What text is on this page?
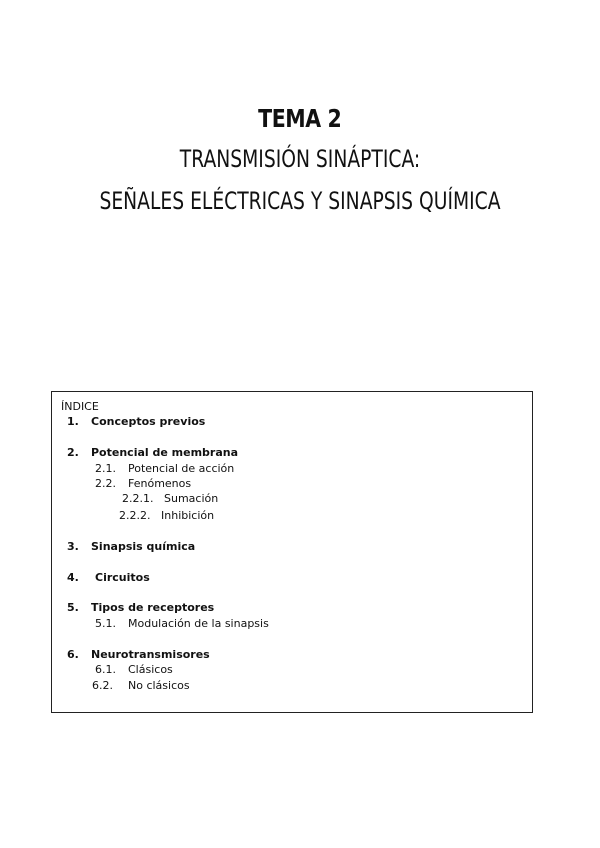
TEMA 2
TRANSMISIÓN SINÁPTICA:
SEÑALES ELÉCTRICAS Y SINAPSIS QUÍMICA
ÍNDICE
1. Conceptos previos
2. Potencial de membrana
2.1. Potencial de acción
2.2. Fenómenos
2.2.1. Sumación
2.2.2. Inhibición
3. Sinapsis química
4. Circuitos
5. Tipos de receptores
5.1. Modulación de la sinapsis
6. Neurotransmisores
6.1. Clásicos
6.2. No clásicos
